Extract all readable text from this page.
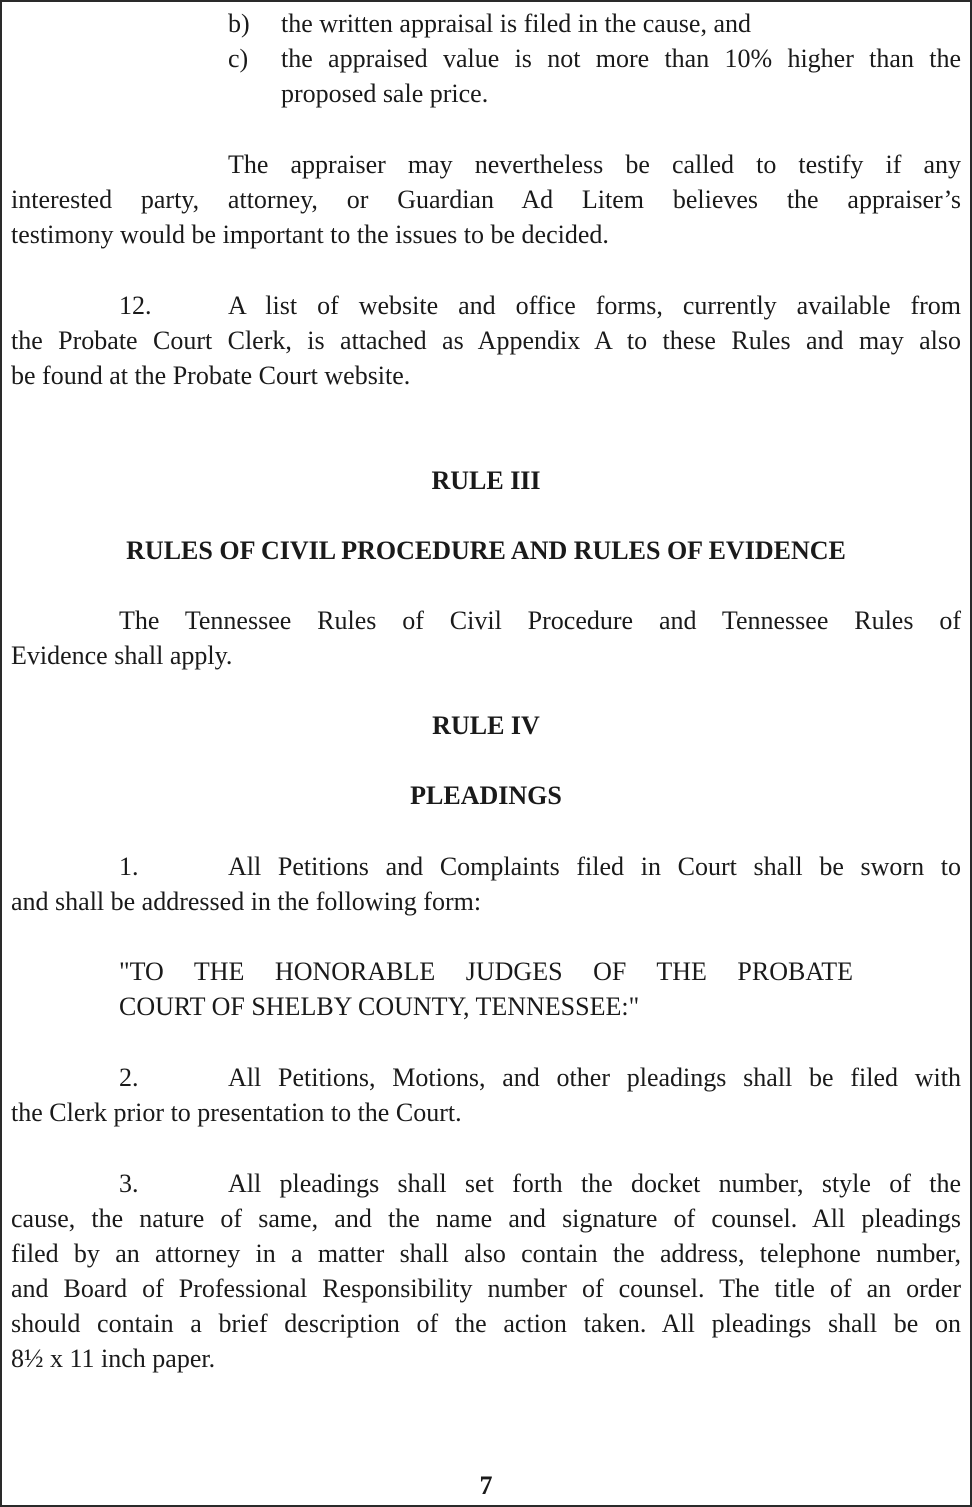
b) the written appraisal is filed in the cause, and
c) the appraised value is not more than 10% higher than the
proposed sale price.
The appraiser may nevertheless be called to testify if any
interested party, attorney, or Guardian Ad Litem believes the appraiser’s
testimony would be important to the issues to be decided.
12.	A list of website and office forms, currently available from
the Probate Court Clerk, is attached as Appendix A to these Rules and may also
be found at the Probate Court website.
RULE III
RULES OF CIVIL PROCEDURE AND RULES OF EVIDENCE
The Tennessee Rules of Civil Procedure and Tennessee Rules of
Evidence shall apply.
RULE IV
PLEADINGS
1.	All Petitions and Complaints filed in Court shall be sworn to
and shall be addressed in the following form:
"TO THE HONORABLE JUDGES OF THE PROBATE
COURT OF SHELBY COUNTY, TENNESSEE:"
2.	All Petitions, Motions, and other pleadings shall be filed with
the Clerk prior to presentation to the Court.
3.	All pleadings shall set forth the docket number, style of the
cause, the nature of same, and the name and signature of counsel. All pleadings
filed by an attorney in a matter shall also contain the address, telephone number,
and Board of Professional Responsibility number of counsel. The title of an order
should contain a brief description of the action taken. All pleadings shall be on
8½ x 11 inch paper.
7
